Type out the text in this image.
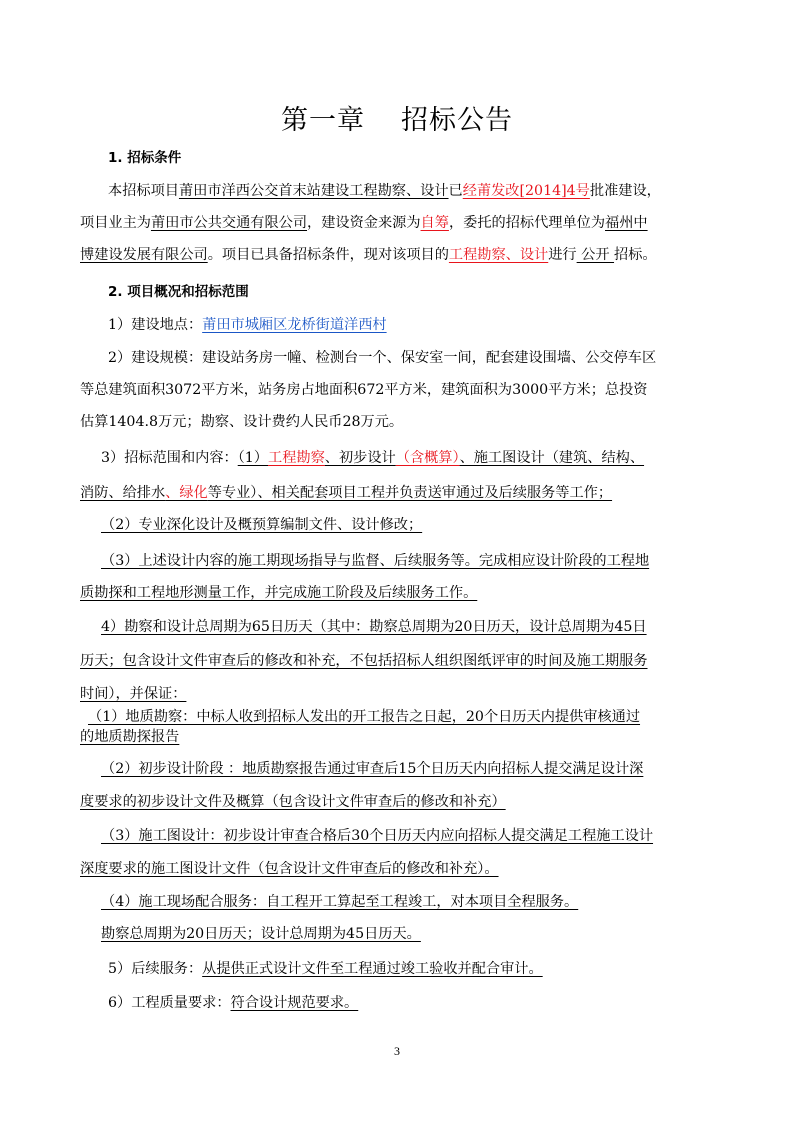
第一章 招标公告
1. 招标条件
本招标项目莆田市洋西公交首末站建设工程勘察、设计已经莆发改[2014]4号批准建设，
项目业主为莆田市公共交通有限公司，建设资金来源为自筹，委托的招标代理单位为福州中
博建设发展有限公司。项目已具备招标条件，现对该项目的工程勘察、设计进行 公开 招标。
2. 项目概况和招标范围
1）建设地点：莆田市城厢区龙桥街道洋西村
2）建设规模：建设站务房一幢、检测台一个、保安室一间，配套建设围墙、公交停车区
等总建筑面积3072平方米，站务房占地面积672平方米，建筑面积为3000平方米；总投资
估算1404.8万元；勘察、设计费约人民币28万元。
3）招标范围和内容：（1）工程勘察、初步设计（含概算）、施工图设计（建筑、结构、
消防、给排水、绿化等专业）、相关配套项目工程并负责送审通过及后续服务等工作；
（2）专业深化设计及概预算编制文件、设计修改；
（3）上述设计内容的施工期现场指导与监督、后续服务等。完成相应设计阶段的工程地
质勘探和工程地形测量工作，并完成施工阶段及后续服务工作。
4）勘察和设计总周期为65日历天（其中：勘察总周期为20日历天，设计总周期为45日
历天；包含设计文件审查后的修改和补充，不包括招标人组织图纸评审的时间及施工期服务
时间），并保证：
（1）地质勘察：中标人收到招标人发出的开工报告之日起，20个日历天内提供审核通过
的地质勘探报告
（2）初步设计阶段 ：地质勘察报告通过审查后15个日历天内向招标人提交满足设计深
度要求的初步设计文件及概算（包含设计文件审查后的修改和补充）
（3）施工图设计：初步设计审查合格后30个日历天内应向招标人提交满足工程施工设计
深度要求的施工图设计文件（包含设计文件审查后的修改和补充）。
（4）施工现场配合服务：自工程开工算起至工程竣工，对本项目全程服务。
勘察总周期为20日历天；设计总周期为45日历天。
5）后续服务：从提供正式设计文件至工程通过竣工验收并配合审计。
6）工程质量要求：符合设计规范要求。
3
